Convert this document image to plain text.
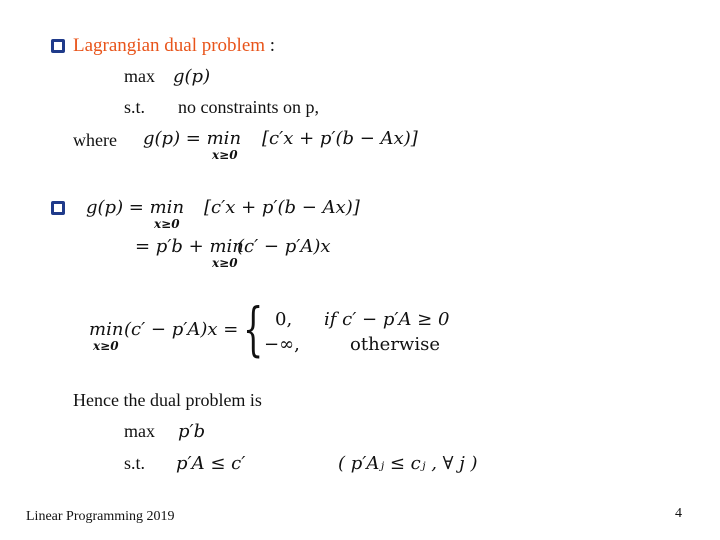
Lagrangian dual problem :
max g(p)
s.t. no constraints on p,
where g(p) = min [c′x + p′(b − Ax)]
x≥0
g(p) = min [c′x + p′(b − Ax)]
x≥0
= p′b + min
(c′ − p′A)x
x≥0
min (c′ − p′A)x =
x≥0 { 0, if c′ − p′A ≥ 0
−∞,	otherwise
Hence the dual problem is
max p′b
s.t. p′A ≤ c′	( p′Aⱼ ≤ cⱼ , ∀ j )
Linear Programming 2019	4
